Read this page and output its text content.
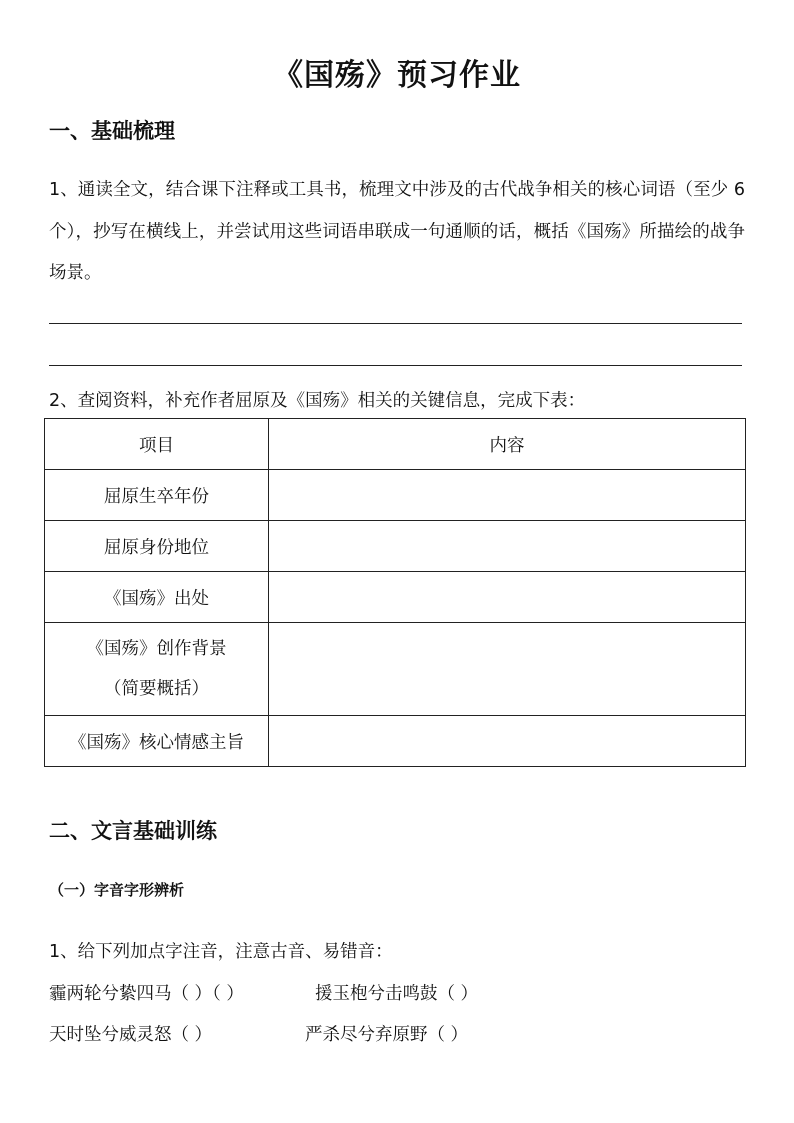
《国殇》预习作业
一、基础梳理
1、通读全文，结合课下注释或工具书，梳理文中涉及的古代战争相关的核心词语（至少 6 个），抄写在横线上，并尝试用这些词语串联成一句通顺的话，概括《国殇》所描绘的战争场景。
2、查阅资料，补充作者屈原及《国殇》相关的关键信息，完成下表：
项目	内容
屈原生卒年份	
屈原身份地位	
《国殇》出处	

《国殇》创作背景
（简要概括）	

《国殇》核心情感主旨	
二、文言基础训练
（一）字音字形辨析
1、给下列加点字注音，注意古音、易错音：
霾两轮兮絷四马（ ）（ ）	援玉枹兮击鸣鼓（ ）
天时坠兮威灵怒（ ）	严杀尽兮弃原野（ ）
